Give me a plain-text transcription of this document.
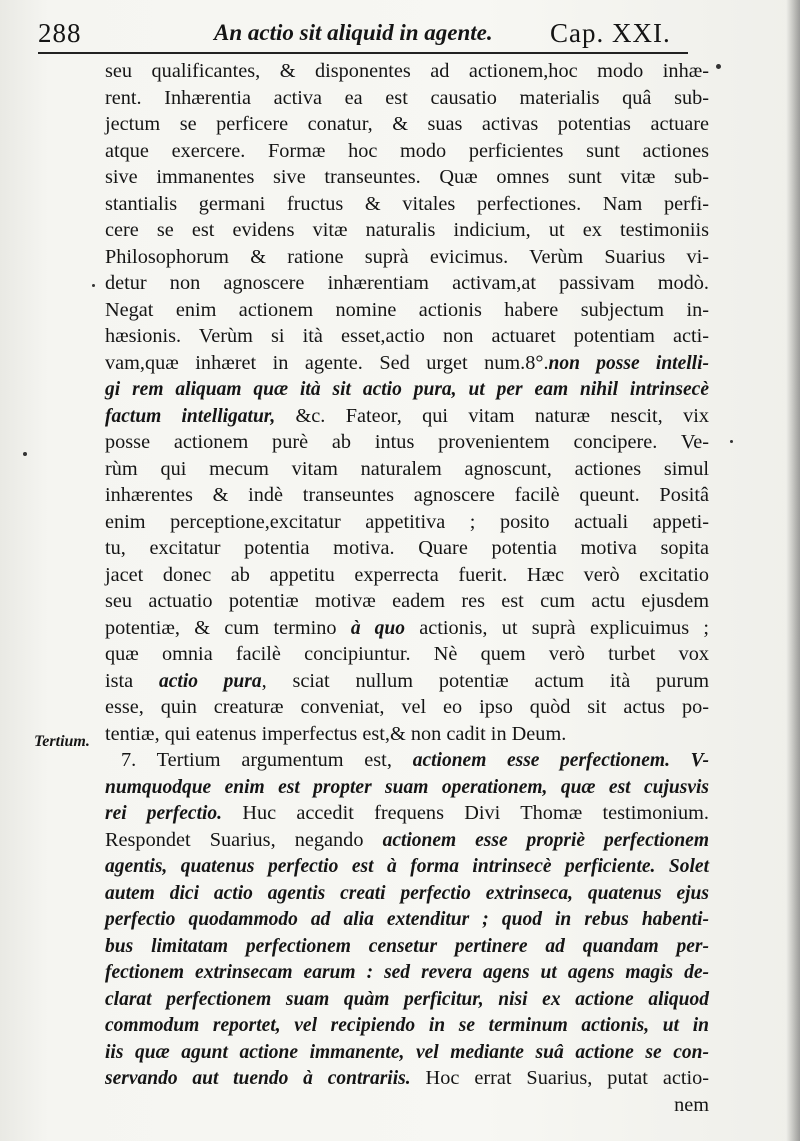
288	An actio sit aliquid in agente. Cap. XXI.
Tertium.
seu qualificantes, & disponentes ad actionem,hoc modo inhæ-
rent. Inhærentia activa ea est causatio materialis quâ sub-
jectum se perficere conatur, & suas activas potentias actuare
atque exercere. Formæ hoc modo perficientes sunt actiones
sive immanentes sive transeuntes. Quæ omnes sunt vitæ sub-
stantialis germani fructus & vitales perfectiones. Nam perfi-
cere se est evidens vitæ naturalis indicium, ut ex testimoniis
Philosophorum & ratione suprà evicimus. Verùm Suarius vi-
detur non agnoscere inhærentiam activam,at passivam modò.
Negat enim actionem nomine actionis habere subjectum in-
hæsionis. Verùm si ità esset,actio non actuaret potentiam acti-
vam,quæ inhæret in agente. Sed urget num.8°.non posse intelli-
gi rem aliquam quæ ità sit actio pura, ut per eam nihil intrinsecè
factum intelligatur, &c. Fateor, qui vitam naturæ nescit, vix
posse actionem purè ab intus provenientem concipere. Ve-
rùm qui mecum vitam naturalem agnoscunt, actiones simul
inhærentes & indè transeuntes agnoscere facilè queunt. Positâ
enim perceptione,excitatur appetitiva ; posito actuali appeti-
tu, excitatur potentia motiva. Quare potentia motiva sopita
jacet donec ab appetitu experrecta fuerit. Hæc verò excitatio
seu actuatio potentiæ motivæ eadem res est cum actu ejusdem
potentiæ, & cum termino à quo actionis, ut suprà explicuimus ;
quæ omnia facilè concipiuntur. Nè quem verò turbet vox
ista actio pura, sciat nullum potentiæ actum ità purum
esse, quin creaturæ conveniat, vel eo ipso quòd sit actus po-
tentiæ, qui eatenus imperfectus est,& non cadit in Deum.
7. Tertium argumentum est, actionem esse perfectionem. V-
numquodque enim est propter suam operationem, quæ est cujusvis
rei perfectio. Huc accedit frequens Divi Thomæ testimonium.
Respondet Suarius, negando actionem esse propriè perfectionem
agentis, quatenus perfectio est à forma intrinsecè perficiente. Solet
autem dici actio agentis creati perfectio extrinseca, quatenus ejus
perfectio quodammodo ad alia extenditur ; quod in rebus habenti-
bus limitatam perfectionem censetur pertinere ad quandam per-
fectionem extrinsecam earum : sed revera agens ut agens magis de-
clarat perfectionem suam quàm perficitur, nisi ex actione aliquod
commodum reportet, vel recipiendo in se terminum actionis, ut in
iis quæ agunt actione immanente, vel mediante suâ actione se con-
servando aut tuendo à contrariis. Hoc errat Suarius, putat actio-
nem
